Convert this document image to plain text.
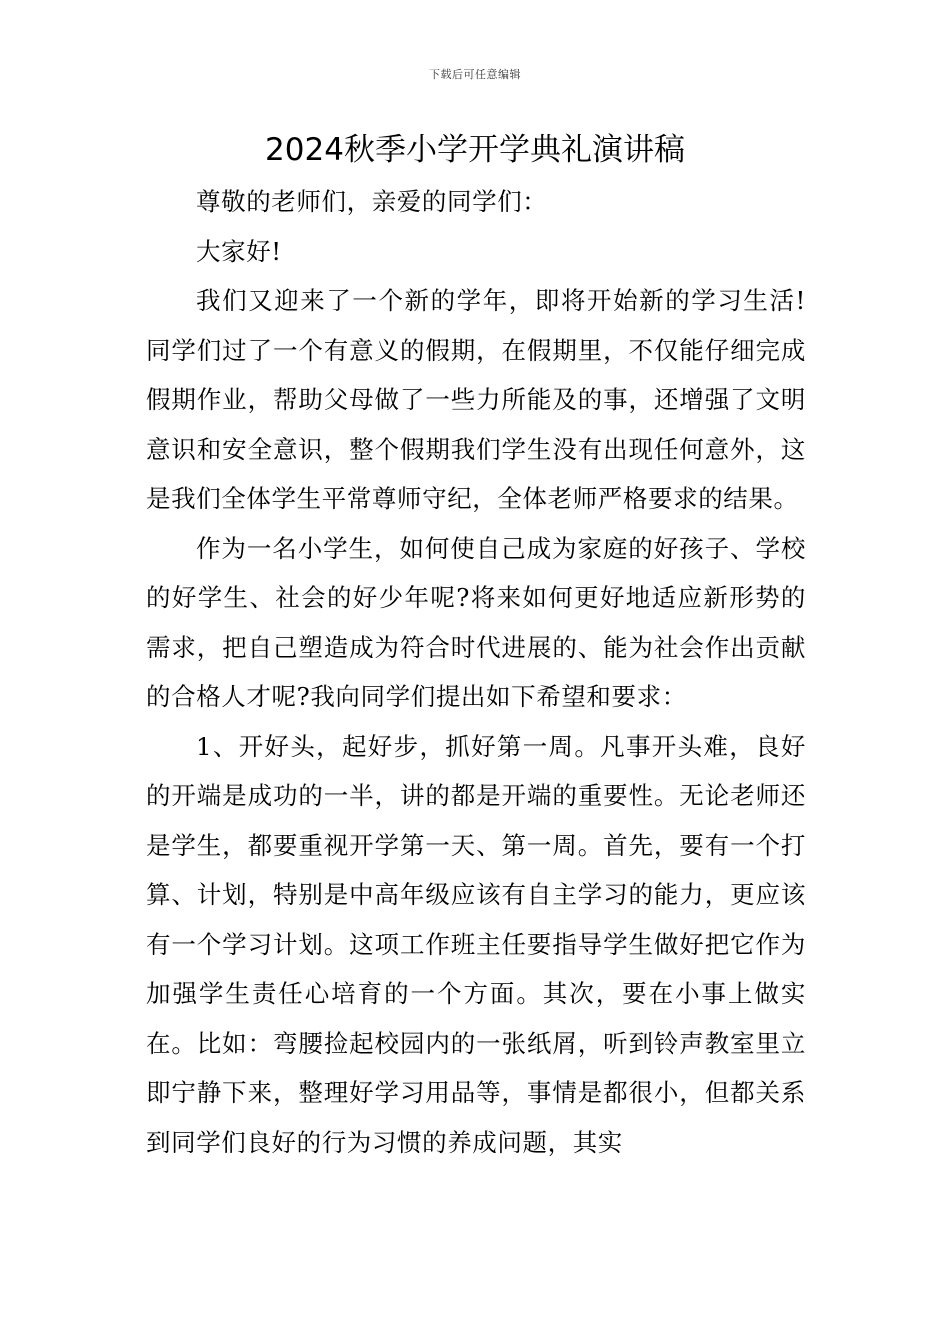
下载后可任意编辑
2024秋季小学开学典礼演讲稿

尊敬的老师们，亲爱的同学们：

大家好!

我们又迎来了一个新的学年，即将开始新的学习生活!同学们过了一个有意义的假期，在假期里，不仅能仔细完成假期作业，帮助父母做了一些力所能及的事，还增强了文明意识和安全意识，整个假期我们学生没有出现任何意外，这是我们全体学生平常尊师守纪，全体老师严格要求的结果。

作为一名小学生，如何使自己成为家庭的好孩子、学校的好学生、社会的好少年呢?将来如何更好地适应新形势的需求，把自己塑造成为符合时代进展的、能为社会作出贡献的合格人才呢?我向同学们提出如下希望和要求：

1、开好头，起好步，抓好第一周。凡事开头难，良好的开端是成功的一半，讲的都是开端的重要性。无论老师还是学生，都要重视开学第一天、第一周。首先，要有一个打算、计划，特别是中高年级应该有自主学习的能力，更应该有一个学习计划。这项工作班主任要指导学生做好把它作为加强学生责任心培育的一个方面。其次，要在小事上做实在。比如：弯腰捡起校园内的一张纸屑，听到铃声教室里立即宁静下来，整理好学习用品等，事情是都很小，但都关系到同学们良好的行为习惯的养成问题，其实
